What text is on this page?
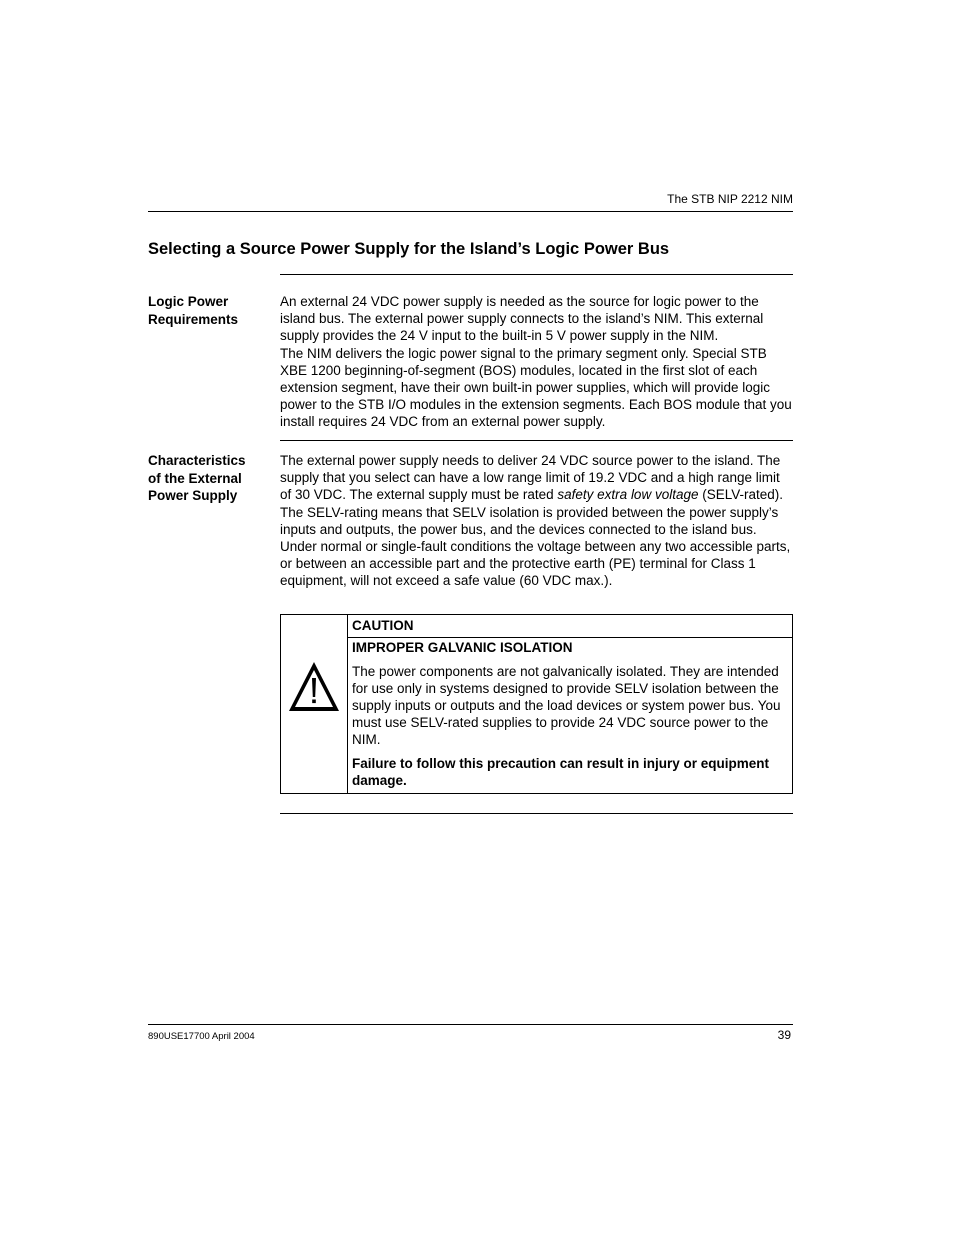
The STB NIP 2212 NIM
Selecting a Source Power Supply for the Island’s Logic Power Bus
Logic Power
Requirements

An external 24 VDC power supply is needed as the source for logic power to the island bus. The external power supply connects to the island’s NIM. This external supply provides the 24 V input to the built-in 5 V power supply in the NIM.

The NIM delivers the logic power signal to the primary segment only. Special STB XBE 1200 beginning-of-segment (BOS) modules, located in the first slot of each extension segment, have their own built-in power supplies, which will provide logic power to the STB I/O modules in the extension segments. Each BOS module that you install requires 24 VDC from an external power supply.

Characteristics
of the External
Power Supply

The external power supply needs to deliver 24 VDC source power to the island. The supply that you select can have a low range limit of 19.2 VDC and a high range limit of 30 VDC. The external supply must be rated safety extra low voltage (SELV-rated).

The SELV-rating means that SELV isolation is provided between the power supply’s inputs and outputs, the power bus, and the devices connected to the island bus.

Under normal or single-fault conditions the voltage between any two accessible parts, or between an accessible part and the protective earth (PE) terminal for Class 1 equipment, will not exceed a safe value (60 VDC max.).

CAUTION

IMPROPER GALVANIC ISOLATION

The power components are not galvanically isolated. They are intended for use only in systems designed to provide SELV isolation between the supply inputs or outputs and the load devices or system power bus. You must use SELV-rated supplies to provide 24 VDC source power to the NIM.

Failure to follow this precaution can result in injury or equipment damage.

890USE17700 April 2004	39
